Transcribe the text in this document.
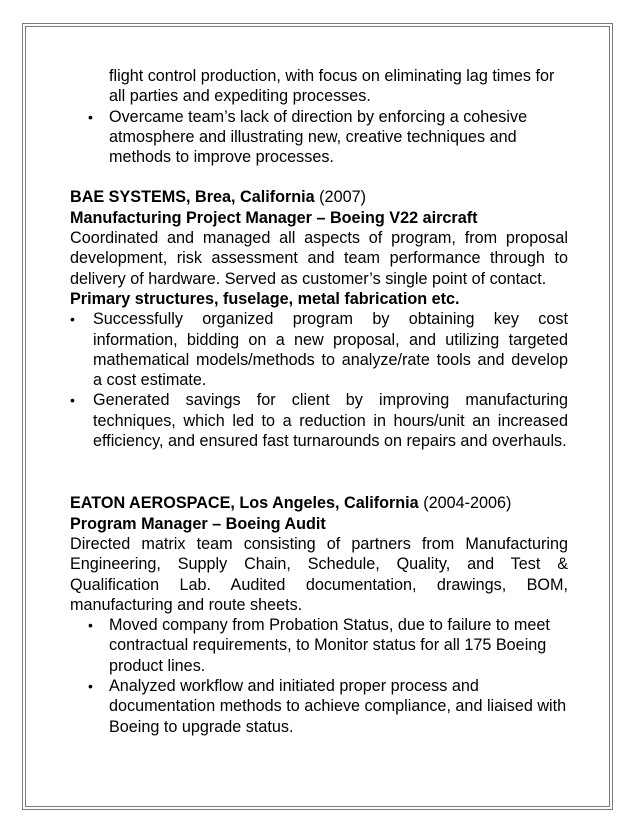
flight control production, with focus on eliminating lag times for all parties and expediting processes.
• Overcame team’s lack of direction by enforcing a cohesive atmosphere and illustrating new, creative techniques and methods to improve processes.
BAE SYSTEMS, Brea, California (2007)
Manufacturing Project Manager – Boeing V22 aircraft
Coordinated and managed all aspects of program, from proposal development, risk assessment and team performance through to delivery of hardware. Served as customer’s single point of contact.
Primary structures, fuselage, metal fabrication etc.
• Successfully organized program by obtaining key cost information, bidding on a new proposal, and utilizing targeted mathematical models/methods to analyze/rate tools and develop a cost estimate.
• Generated savings for client by improving manufacturing techniques, which led to a reduction in hours/unit an increased efficiency, and ensured fast turnarounds on repairs and overhauls.
EATON AEROSPACE, Los Angeles, California (2004-2006)
Program Manager – Boeing Audit
Directed matrix team consisting of partners from Manufacturing Engineering, Supply Chain, Schedule, Quality, and Test & Qualification Lab. Audited documentation, drawings, BOM, manufacturing and route sheets.
• Moved company from Probation Status, due to failure to meet contractual requirements, to Monitor status for all 175 Boeing product lines.
• Analyzed workflow and initiated proper process and documentation methods to achieve compliance, and liaised with Boeing to upgrade status.
